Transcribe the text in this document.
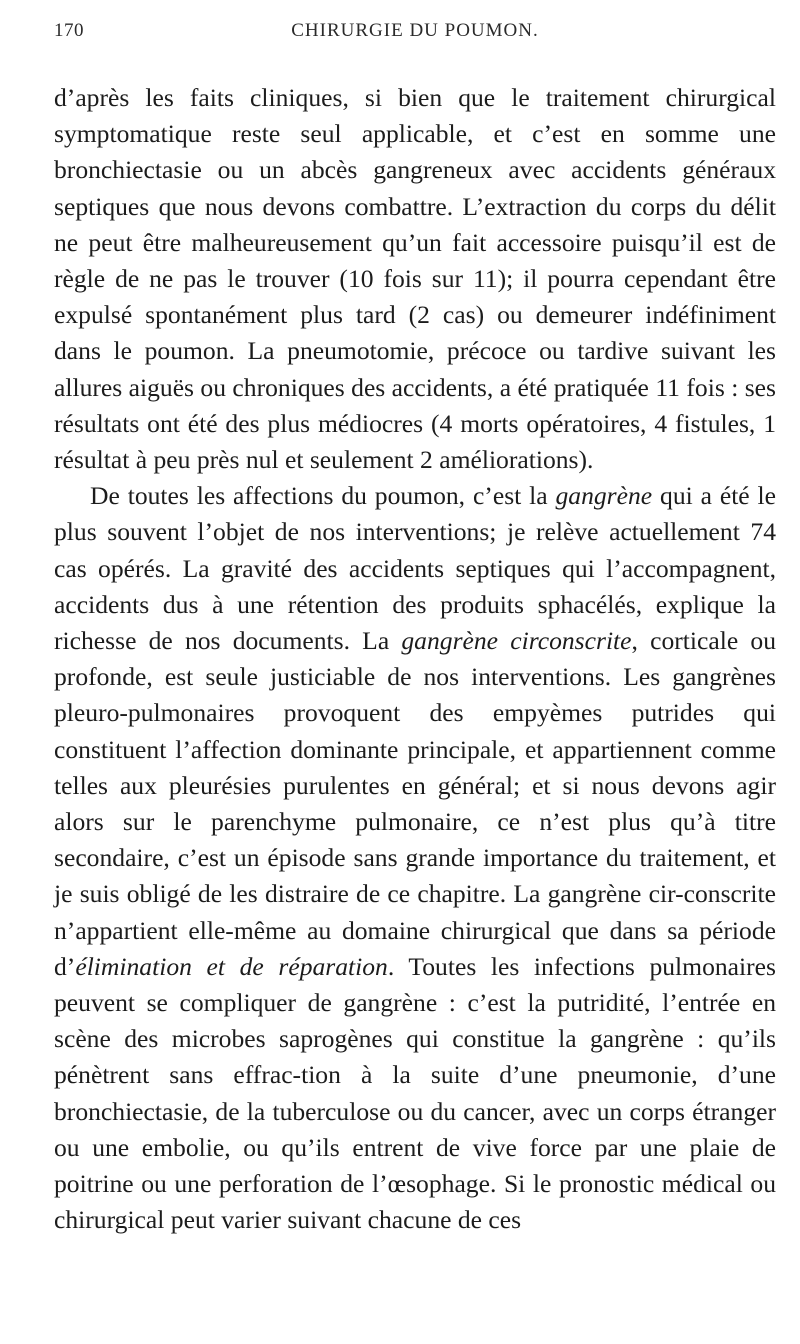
170	CHIRURGIE DU POUMON.

d’après les faits cliniques, si bien que le traitement chirurgical symptomatique reste seul applicable, et c’est en somme une bronchiectasie ou un abcès gangreneux avec accidents généraux septiques que nous devons combattre. L’extraction du corps du délit ne peut être malheureusement qu’un fait accessoire puisqu’il est de règle de ne pas le trouver (10 fois sur 11); il pourra cependant être expulsé spontanément plus tard (2 cas) ou demeurer indéfiniment dans le poumon. La pneumotomie, précoce ou tardive suivant les allures aiguës ou chroniques des accidents, a été pratiquée 11 fois : ses résultats ont été des plus médiocres (4 morts opératoires, 4 fistules, 1 résultat à peu près nul et seulement 2 améliorations).

De toutes les affections du poumon, c’est la gangrène qui a été le plus souvent l’objet de nos interventions; je relève actuellement 74 cas opérés. La gravité des accidents septiques qui l’accompagnent, accidents dus à une rétention des produits sphacélés, explique la richesse de nos documents. La gangrène circonscrite, corticale ou profonde, est seule justiciable de nos interventions. Les gangrènes pleuro-pulmonaires provoquent des empyèmes putrides qui constituent l’affection dominante principale, et appartiennent comme telles aux pleurésies purulentes en général; et si nous devons agir alors sur le parenchyme pulmonaire, ce n’est plus qu’à titre secondaire, c’est un épisode sans grande importance du traitement, et je suis obligé de les distraire de ce chapitre. La gangrène cir-conscrite n’appartient elle-même au domaine chirurgical que dans sa période d’élimination et de réparation. Toutes les infections pulmonaires peuvent se compliquer de gangrène : c’est la putridité, l’entrée en scène des microbes saprogènes qui constitue la gangrène : qu’ils pénètrent sans effrac-tion à la suite d’une pneumonie, d’une bronchiectasie, de la tuberculose ou du cancer, avec un corps étranger ou une embolie, ou qu’ils entrent de vive force par une plaie de poitrine ou une perforation de l’œsophage. Si le pronostic médical ou chirurgical peut varier suivant chacune de ces
